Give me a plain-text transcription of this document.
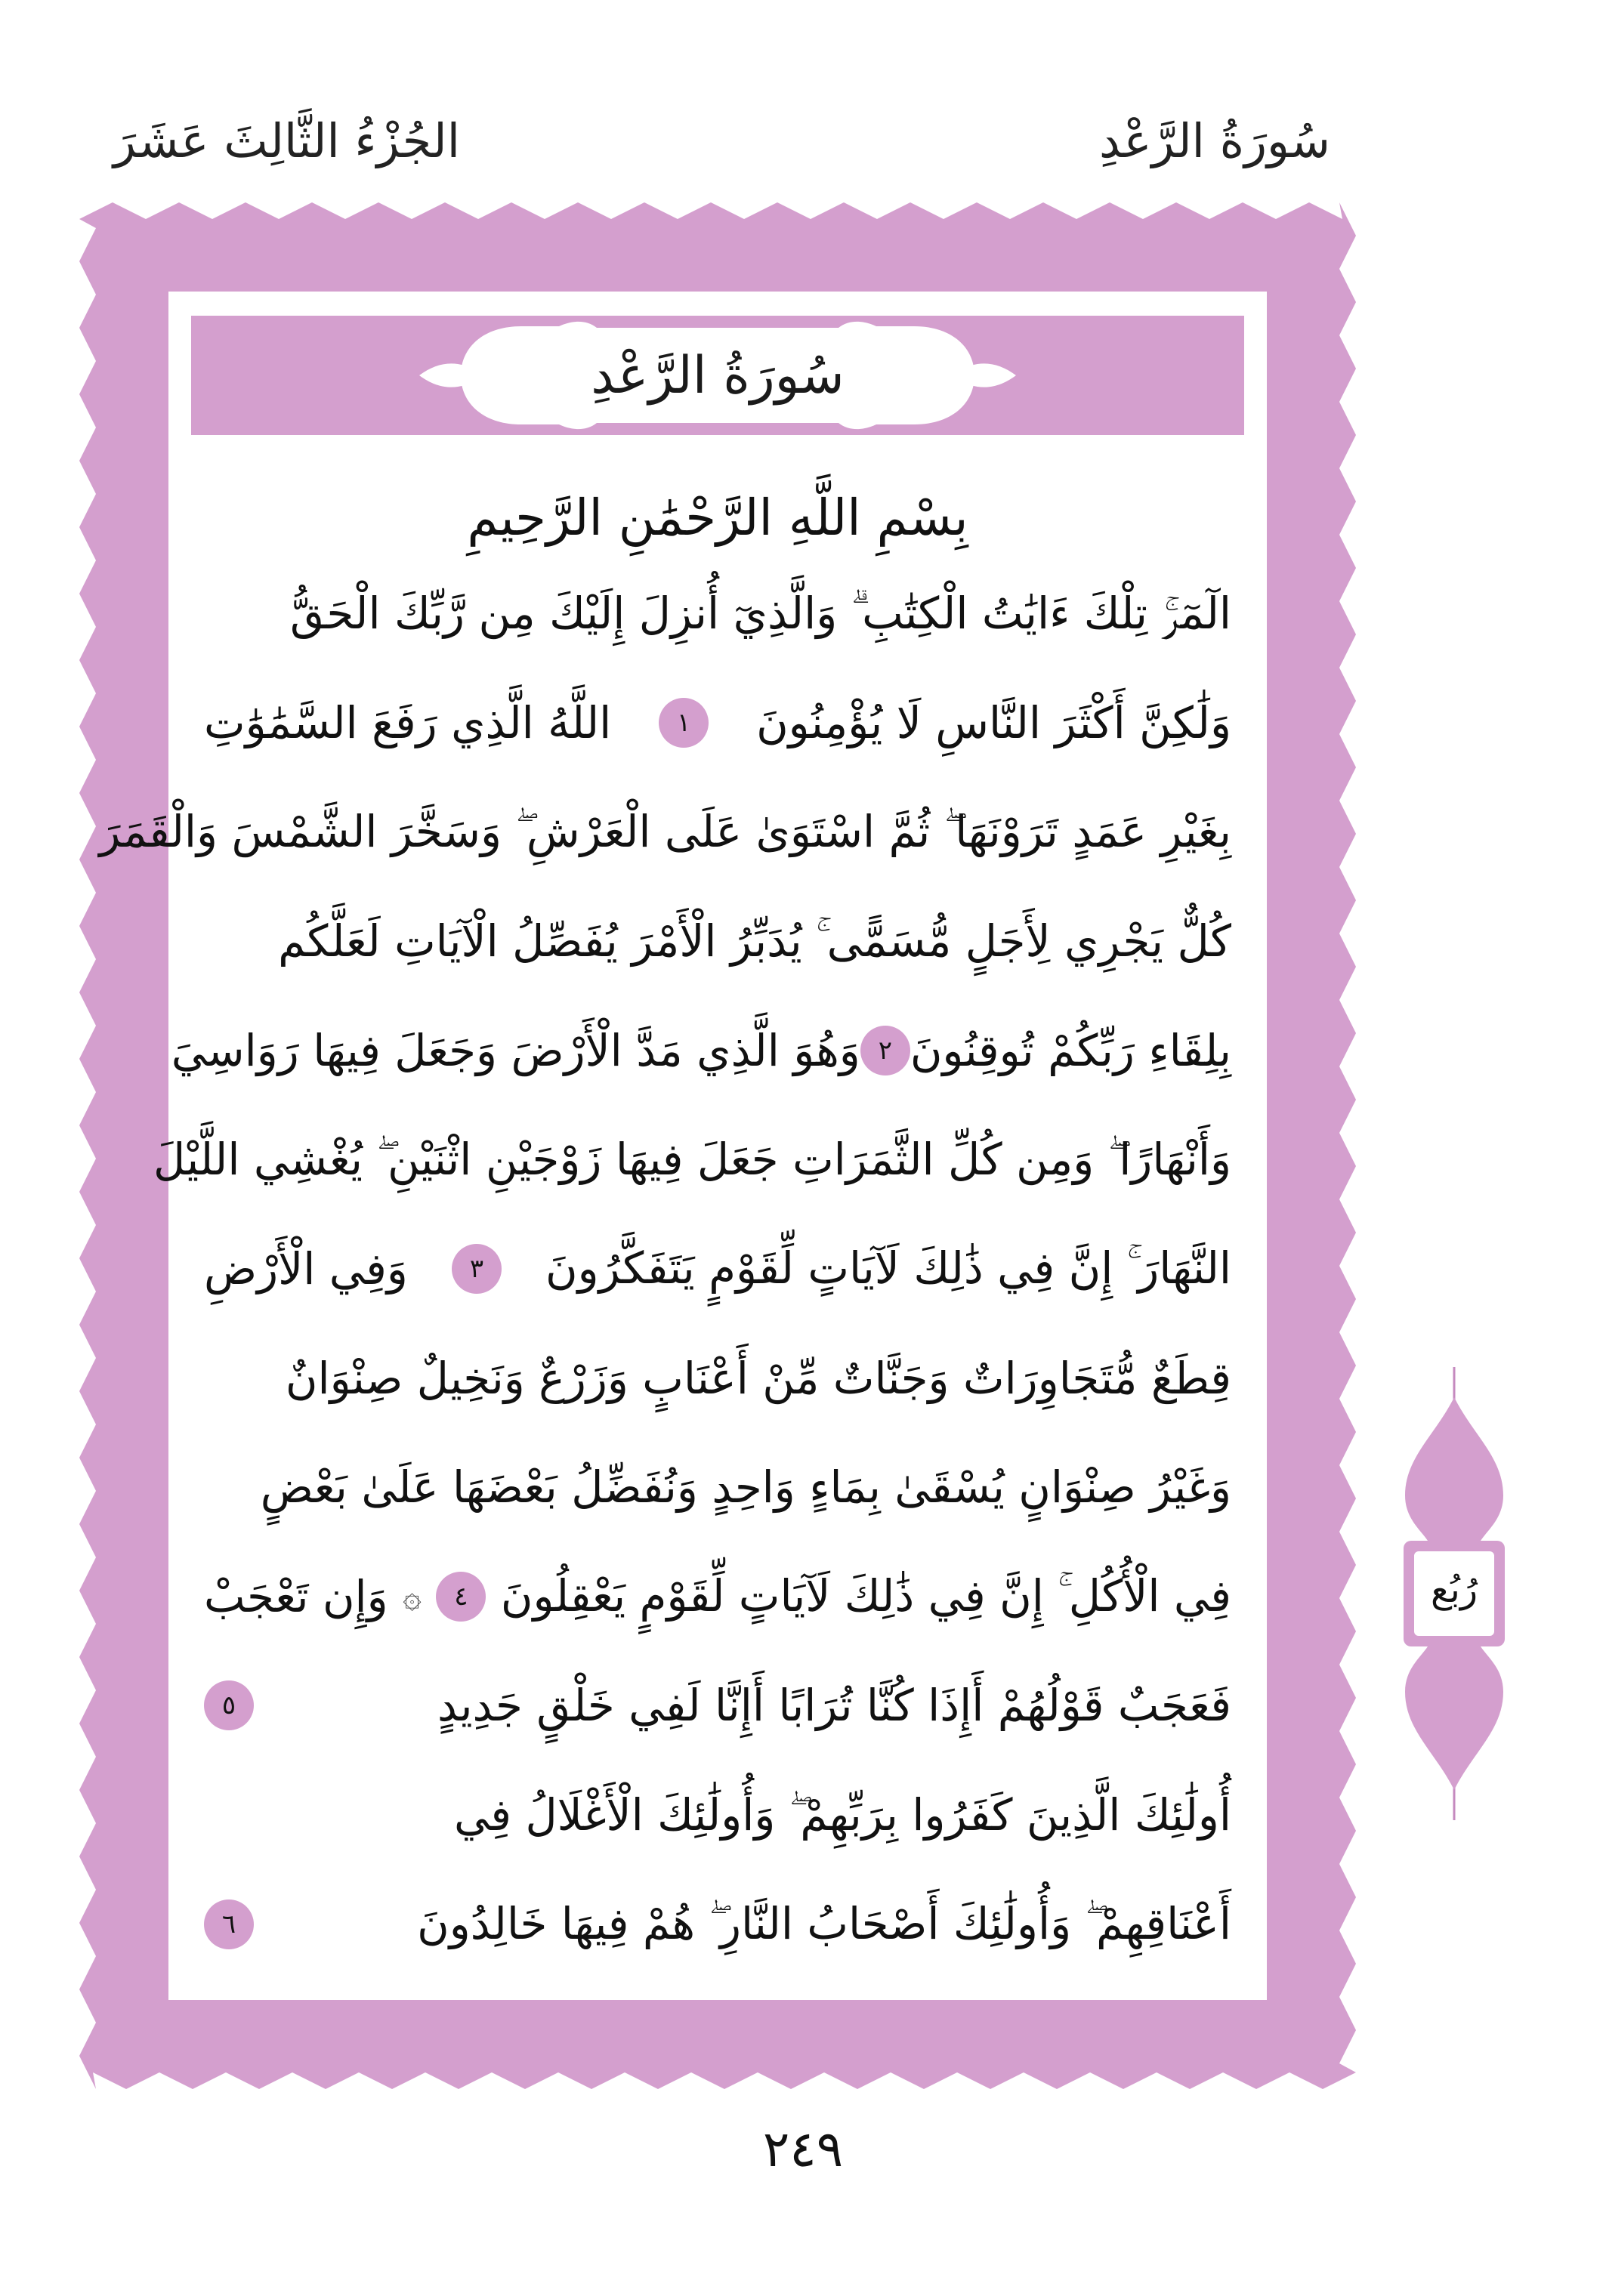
سُورَةُ الرَّعْدِ
الجُزْءُ الثَّالِثَ عَشَرَ
سُورَةُ الرَّعْدِ
بِسْمِ اللَّهِ الرَّحْمَٰنِ الرَّحِيمِ
الٓمٓرۚ تِلْكَ ءَايَٰتُ الْكِتَٰبِ ۗ وَالَّذِيٓ أُنزِلَ إِلَيْكَ مِن رَّبِّكَ الْحَقُّ
وَلَٰكِنَّ أَكْثَرَ النَّاسِ لَا يُؤْمِنُونَ
١
اللَّهُ الَّذِي رَفَعَ السَّمَٰوَٰتِ
بِغَيْرِ عَمَدٍ تَرَوْنَهَا ۖ ثُمَّ اسْتَوَىٰ عَلَى الْعَرْشِ ۖ وَسَخَّرَ الشَّمْسَ وَالْقَمَرَ
كُلٌّ يَجْرِي لِأَجَلٍ مُّسَمًّى ۚ يُدَبِّرُ الْأَمْرَ يُفَصِّلُ الْآيَاتِ لَعَلَّكُم
بِلِقَاءِ رَبِّكُمْ تُوقِنُونَ
٢
وَهُوَ الَّذِي مَدَّ الْأَرْضَ وَجَعَلَ فِيهَا رَوَاسِيَ
وَأَنْهَارًا ۖ وَمِن كُلِّ الثَّمَرَاتِ جَعَلَ فِيهَا زَوْجَيْنِ اثْنَيْنِ ۖ يُغْشِي اللَّيْلَ
النَّهَارَ ۚ إِنَّ فِي ذَٰلِكَ لَآيَاتٍ لِّقَوْمٍ يَتَفَكَّرُونَ
٣
وَفِي الْأَرْضِ
قِطَعٌ مُّتَجَاوِرَاتٌ وَجَنَّاتٌ مِّنْ أَعْنَابٍ وَزَرْعٌ وَنَخِيلٌ صِنْوَانٌ
وَغَيْرُ صِنْوَانٍ يُسْقَىٰ بِمَاءٍ وَاحِدٍ وَنُفَضِّلُ بَعْضَهَا عَلَىٰ بَعْضٍ
فِي الْأُكُلِ ۚ إِنَّ فِي ذَٰلِكَ لَآيَاتٍ لِّقَوْمٍ يَعْقِلُونَ
٤
۞
وَإِن تَعْجَبْ
فَعَجَبٌ قَوْلُهُمْ أَإِذَا كُنَّا تُرَابًا أَإِنَّا لَفِي خَلْقٍ جَدِيدٍ
٥
أُولَٰئِكَ الَّذِينَ كَفَرُوا بِرَبِّهِمْ ۖ وَأُولَٰئِكَ الْأَغْلَالُ فِي
أَعْنَاقِهِمْ ۖ وَأُولَٰئِكَ أَصْحَابُ النَّارِ ۖ هُمْ فِيهَا خَالِدُونَ
٦
رُبُع
٢٤٩
